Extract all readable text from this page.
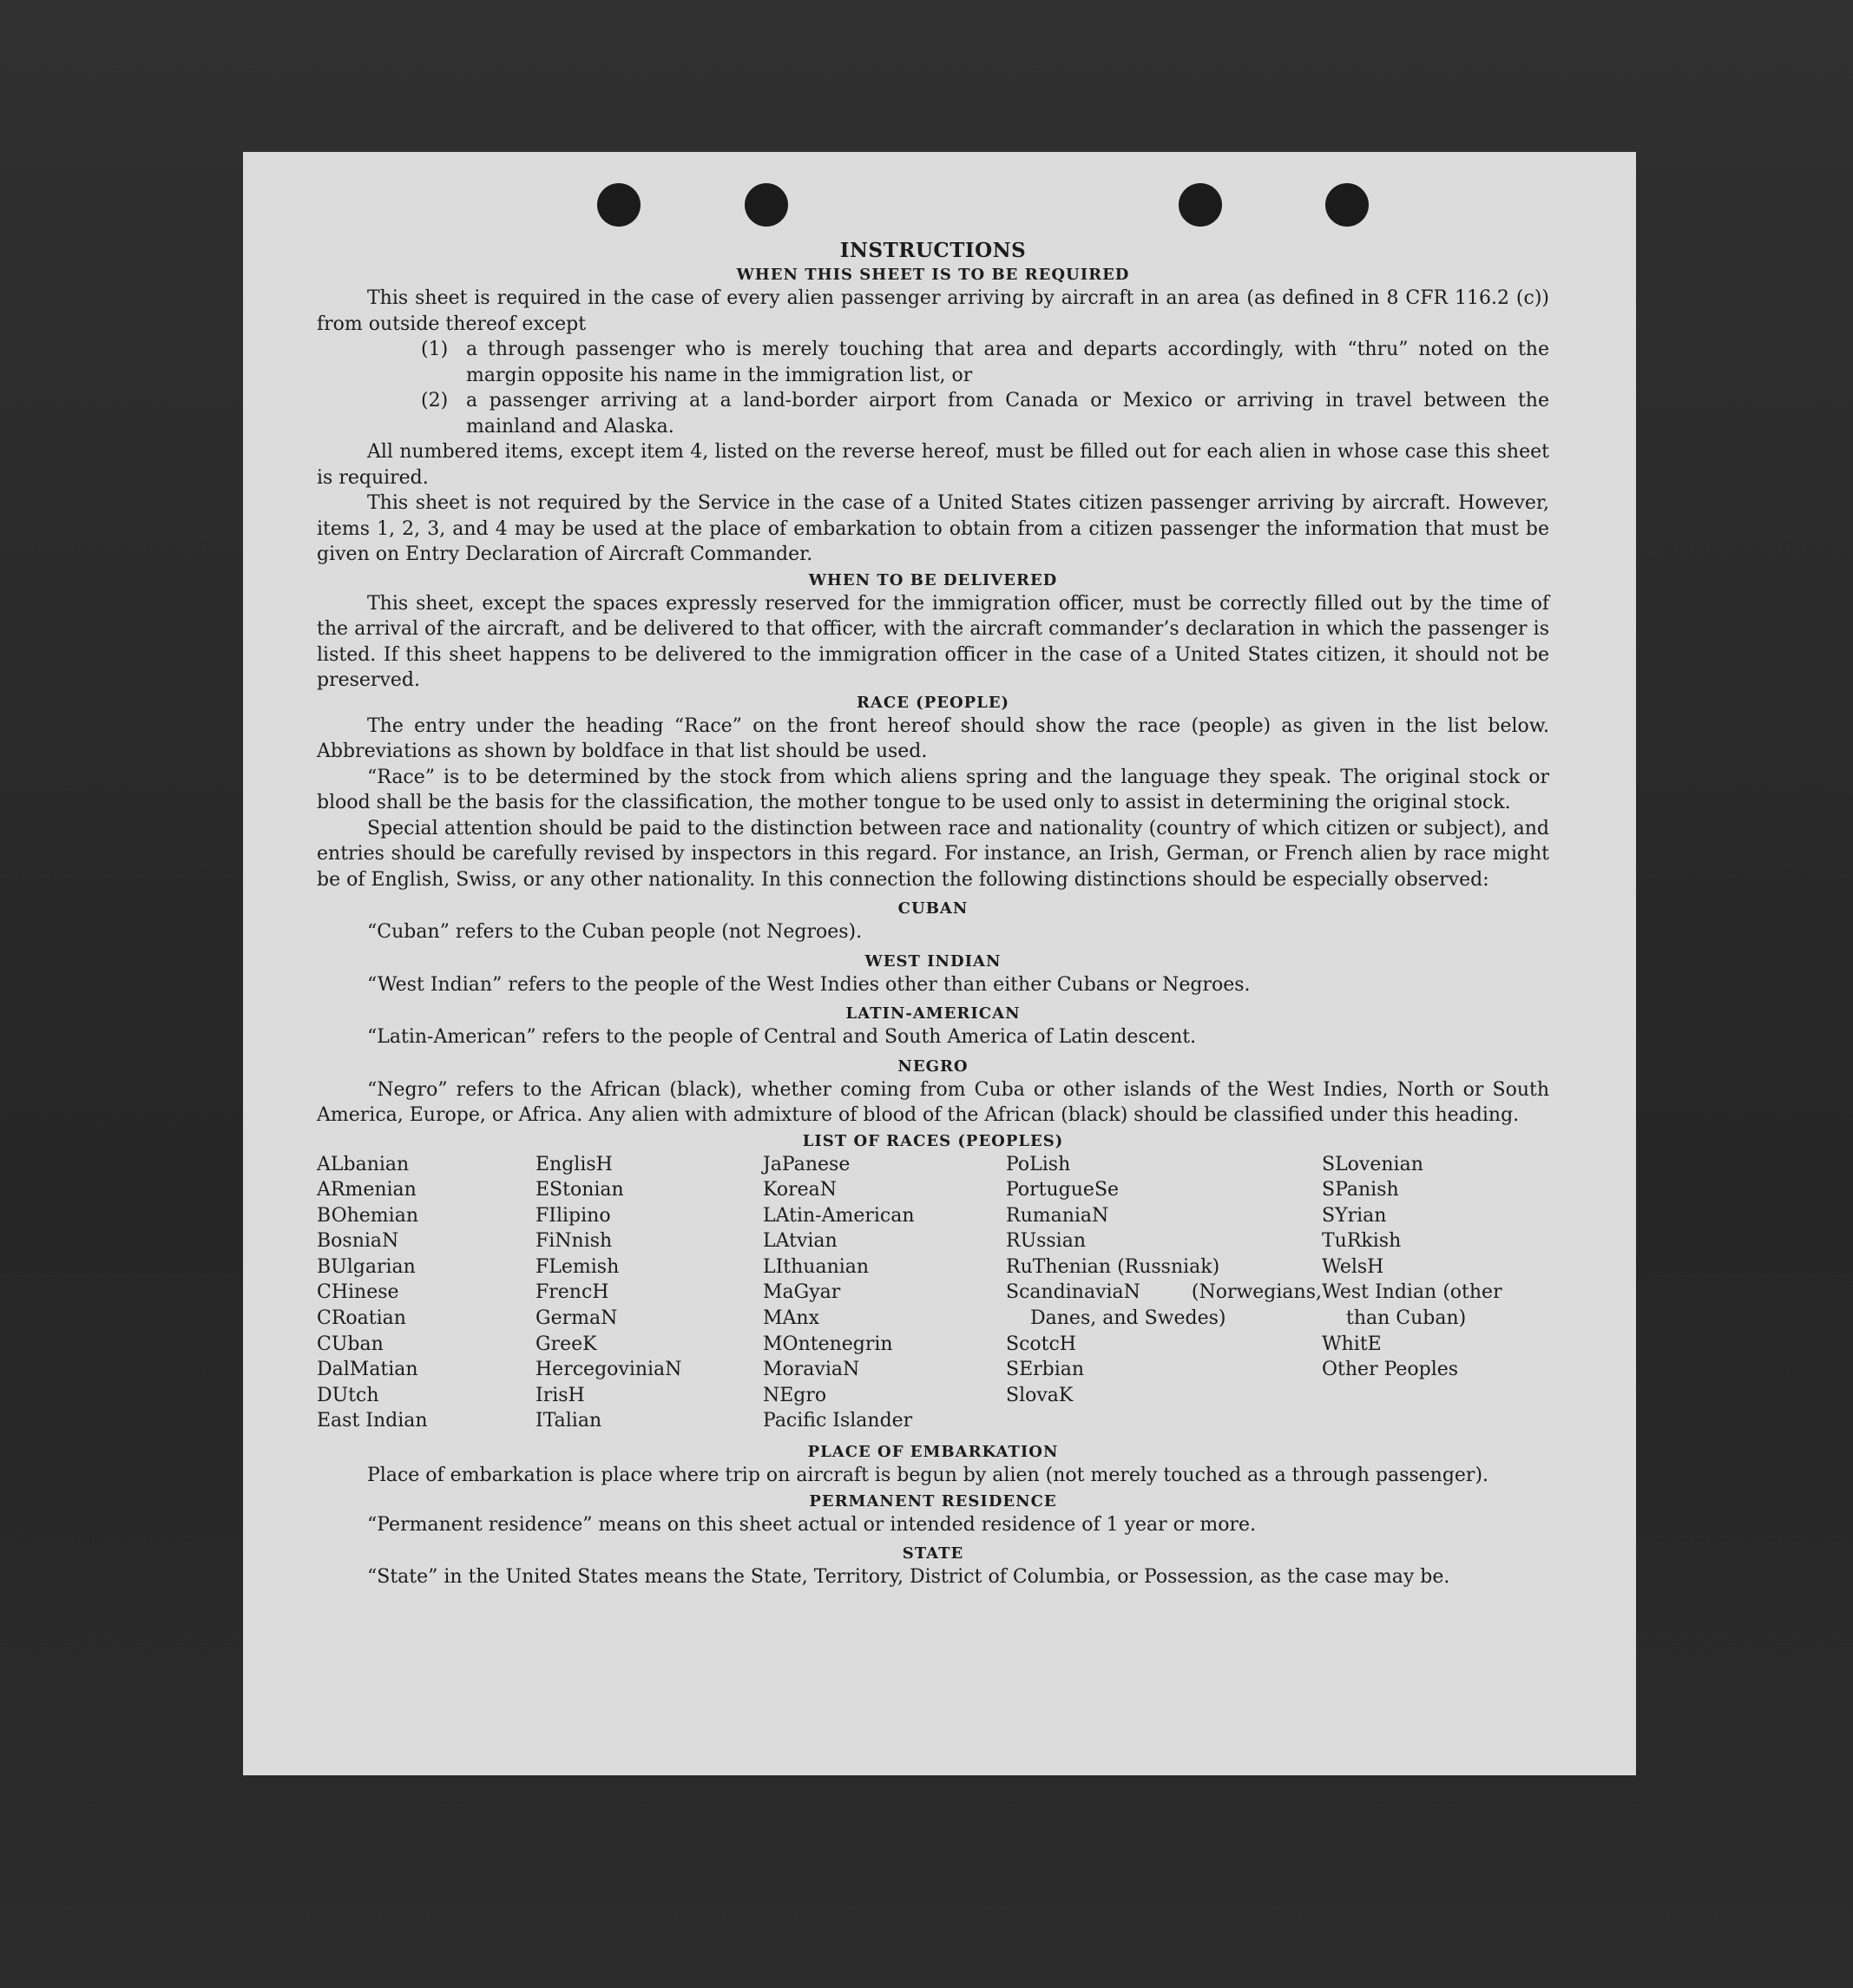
INSTRUCTIONS
WHEN THIS SHEET IS TO BE REQUIRED

This sheet is required in the case of every alien passenger arriving by aircraft in an area (as defined in 8 CFR 116.2 (c)) from outside thereof except

(1) a through passenger who is merely touching that area and departs accordingly, with “thru” noted on the margin opposite his name in the immigration list, or

(2) a passenger arriving at a land-border airport from Canada or Mexico or arriving in travel between the mainland and Alaska.

All numbered items, except item 4, listed on the reverse hereof, must be filled out for each alien in whose case this sheet is required.

This sheet is not required by the Service in the case of a United States citizen passenger arriving by aircraft. However, items 1, 2, 3, and 4 may be used at the place of embarkation to obtain from a citizen passenger the information that must be given on Entry Declaration of Aircraft Commander.

WHEN TO BE DELIVERED

This sheet, except the spaces expressly reserved for the immigration officer, must be correctly filled out by the time of the arrival of the aircraft, and be delivered to that officer, with the aircraft commander’s declaration in which the passenger is listed. If this sheet happens to be delivered to the immigration officer in the case of a United States citizen, it should not be preserved.

RACE (PEOPLE)

The entry under the heading “Race” on the front hereof should show the race (people) as given in the list below. Abbreviations as shown by boldface in that list should be used.

“Race” is to be determined by the stock from which aliens spring and the language they speak. The original stock or blood shall be the basis for the classification, the mother tongue to be used only to assist in determining the original stock.

Special attention should be paid to the distinction between race and nationality (country of which citizen or subject), and entries should be carefully revised by inspectors in this regard. For instance, an Irish, German, or French alien by race might be of English, Swiss, or any other nationality. In this connection the following distinctions should be especially observed:

CUBAN

“Cuban” refers to the Cuban people (not Negroes).

WEST INDIAN

“West Indian” refers to the people of the West Indies other than either Cubans or Negroes.

LATIN-AMERICAN

“Latin-American” refers to the people of Central and South America of Latin descent.

NEGRO

“Negro” refers to the African (black), whether coming from Cuba or other islands of the West Indies, North or South America, Europe, or Africa. Any alien with admixture of blood of the African (black) should be classified under this heading.

LIST OF RACES (PEOPLES)
ALbanian
ARmenian
BOhemian
BosniaN
BUlgarian
CHinese
CRoatian
CUban
DalMatian
DUtch
East Indian
EnglisH
EStonian
FIlipino
FiNnish
FLemish
FrencH
GermaN
GreeK
HercegoviniaN
IrisH
ITalian
JaPanese
KoreaN
LAtin-American
LAtvian
LIthuanian
MaGyar
MAnx
MOntenegrin
MoraviaN
NEgro
Pacific Islander
PoLish
PortugueSe
RumaniaN
RUssian
RuThenian (Russniak)
ScandinaviaN (Norwegians, Danes, and Swedes)
ScotcH
SErbian
SlovaK
SLovenian
SPanish
SYrian
TuRkish
WelsH
West Indian (other
than Cuban)
WhitE
Other Peoples
PLACE OF EMBARKATION

Place of embarkation is place where trip on aircraft is begun by alien (not merely touched as a through passenger).

PERMANENT RESIDENCE

“Permanent residence” means on this sheet actual or intended residence of 1 year or more.

STATE

“State” in the United States means the State, Territory, District of Columbia, or Possession, as the case may be.
